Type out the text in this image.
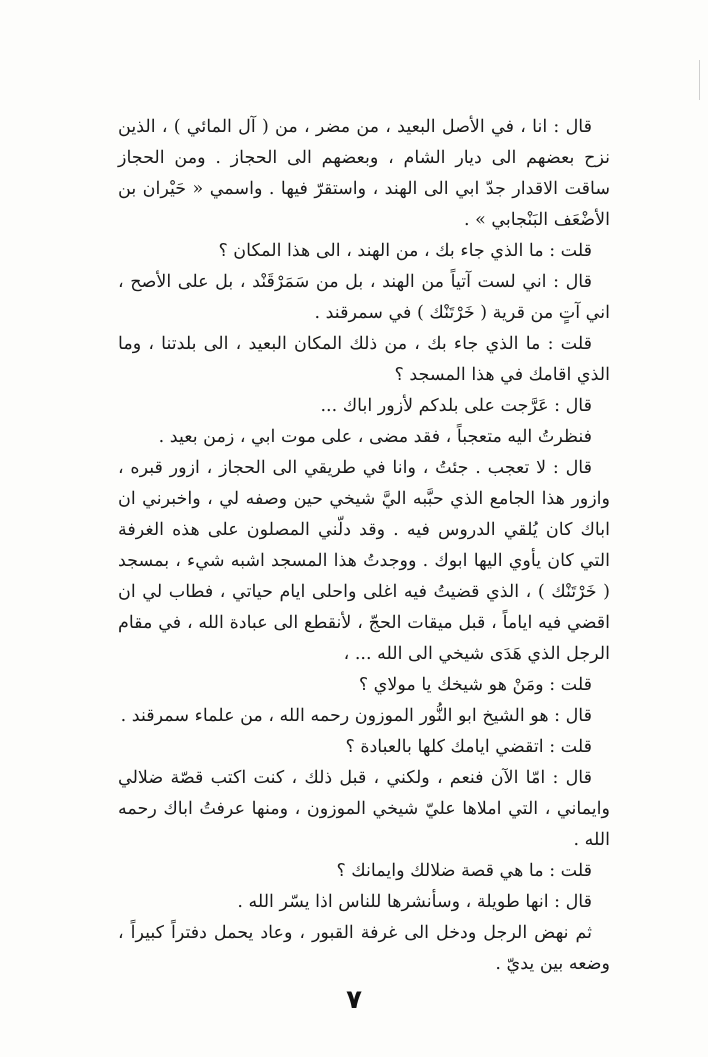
قال : انا ، في الأصل البعيد ، من مضر ، من ( آل المائي ) ، الذين نزح بعضهم الى ديار الشام ، وبعضهم الى الحجاز . ومن الحجاز ساقت الاقدار جدّ ابي الى الهند ، واستقرّ فيها . واسمي « حَيْران بن الأضْعَف البَنْجابي » .

قلت : ما الذي جاء بك ، من الهند ، الى هذا المكان ؟

قال : اني لست آتياً من الهند ، بل من سَمَرْقَنْد ، بل على الأصح ، اني آتٍ من قرية ( خَرْتَنْك ) في سمرقند .

قلت : ما الذي جاء بك ، من ذلك المكان البعيد ، الى بلدتنا ، وما الذي اقامك في هذا المسجد ؟

قال : عَرَّجت على بلدكم لأزور اباك ...

فنظرتُ اليه متعجباً ، فقد مضى ، على موت ابي ، زمن بعيد .

قال : لا تعجب . جئتُ ، وانا في طريقي الى الحجاز ، ازور قبره ، وازور هذا الجامع الذي حبَّبه اليَّ شيخي حين وصفه لي ، واخبرني ان اباك كان يُلقي الدروس فيه . وقد دلّني المصلون على هذه الغرفة التي كان يأوي اليها ابوك . ووجدتُ هذا المسجد اشبه شيء ، بمسجد ( خَرْتَنْك ) ، الذي قضيتُ فيه اغلى واحلى ايام حياتي ، فطاب لي ان اقضي فيه اياماً ، قبل ميقات الحجّ ، لأنقطع الى عبادة الله ، في مقام الرجل الذي هَدَى شيخي الى الله ... ،

قلت : ومَنْ هو شيخك يا مولاي ؟

قال : هو الشيخ ابو النُّور الموزون رحمه الله ، من علماء سمرقند .

قلت : اتقضي ايامك كلها بالعبادة ؟

قال : امّا الآن فنعم ، ولكني ، قبل ذلك ، كنت اكتب قصّة ضلالي وايماني ، التي املاها عليّ شيخي الموزون ، ومنها عرفتُ اباك رحمه الله .

قلت : ما هي قصة ضلالك وايمانك ؟

قال : انها طويلة ، وسأنشرها للناس اذا يسّر الله .

ثم نهض الرجل ودخل الى غرفة القبور ، وعاد يحمل دفتراً كبيراً ، وضعه بين يديّ .

٧
